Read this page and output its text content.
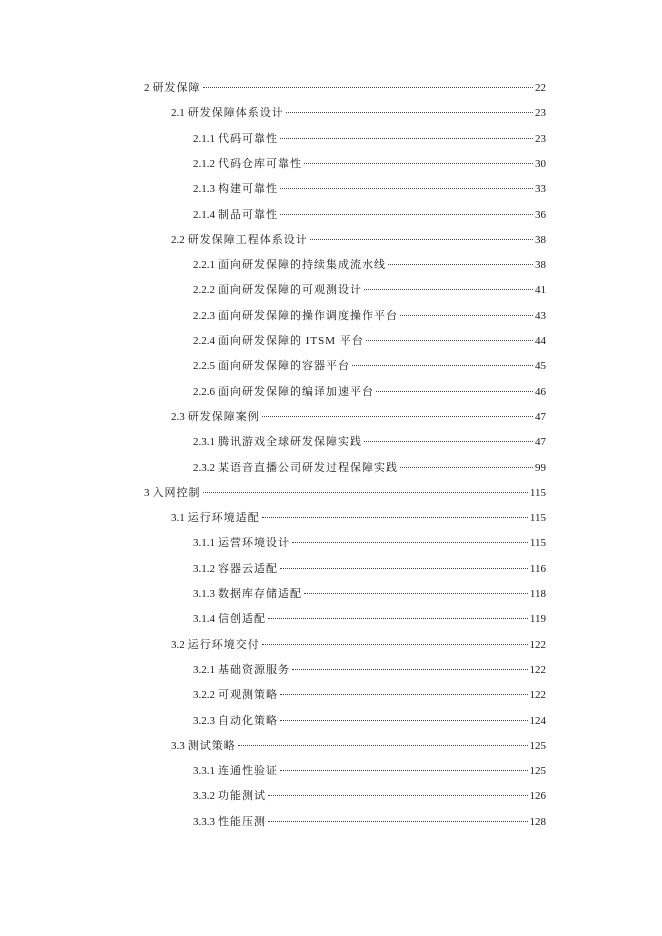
2 研发保障	22
2.1 研发保障体系设计	23
2.1.1 代码可靠性	23
2.1.2 代码仓库可靠性	30
2.1.3 构建可靠性	33
2.1.4 制品可靠性	36
2.2 研发保障工程体系设计	38
2.2.1 面向研发保障的持续集成流水线	38
2.2.2 面向研发保障的可观测设计	41
2.2.3 面向研发保障的操作调度操作平台	43
2.2.4 面向研发保障的 ITSM 平台	44
2.2.5 面向研发保障的容器平台	45
2.2.6 面向研发保障的编译加速平台	46
2.3 研发保障案例	47
2.3.1 腾讯游戏全球研发保障实践	47
2.3.2 某语音直播公司研发过程保障实践	99
3 入网控制	115
3.1 运行环境适配	115
3.1.1 运营环境设计	115
3.1.2 容器云适配	116
3.1.3 数据库存储适配	118
3.1.4 信创适配	119
3.2 运行环境交付	122
3.2.1 基础资源服务	122
3.2.2 可观测策略	122
3.2.3 自动化策略	124
3.3 测试策略	125
3.3.1 连通性验证	125
3.3.2 功能测试	126
3.3.3 性能压测	128
